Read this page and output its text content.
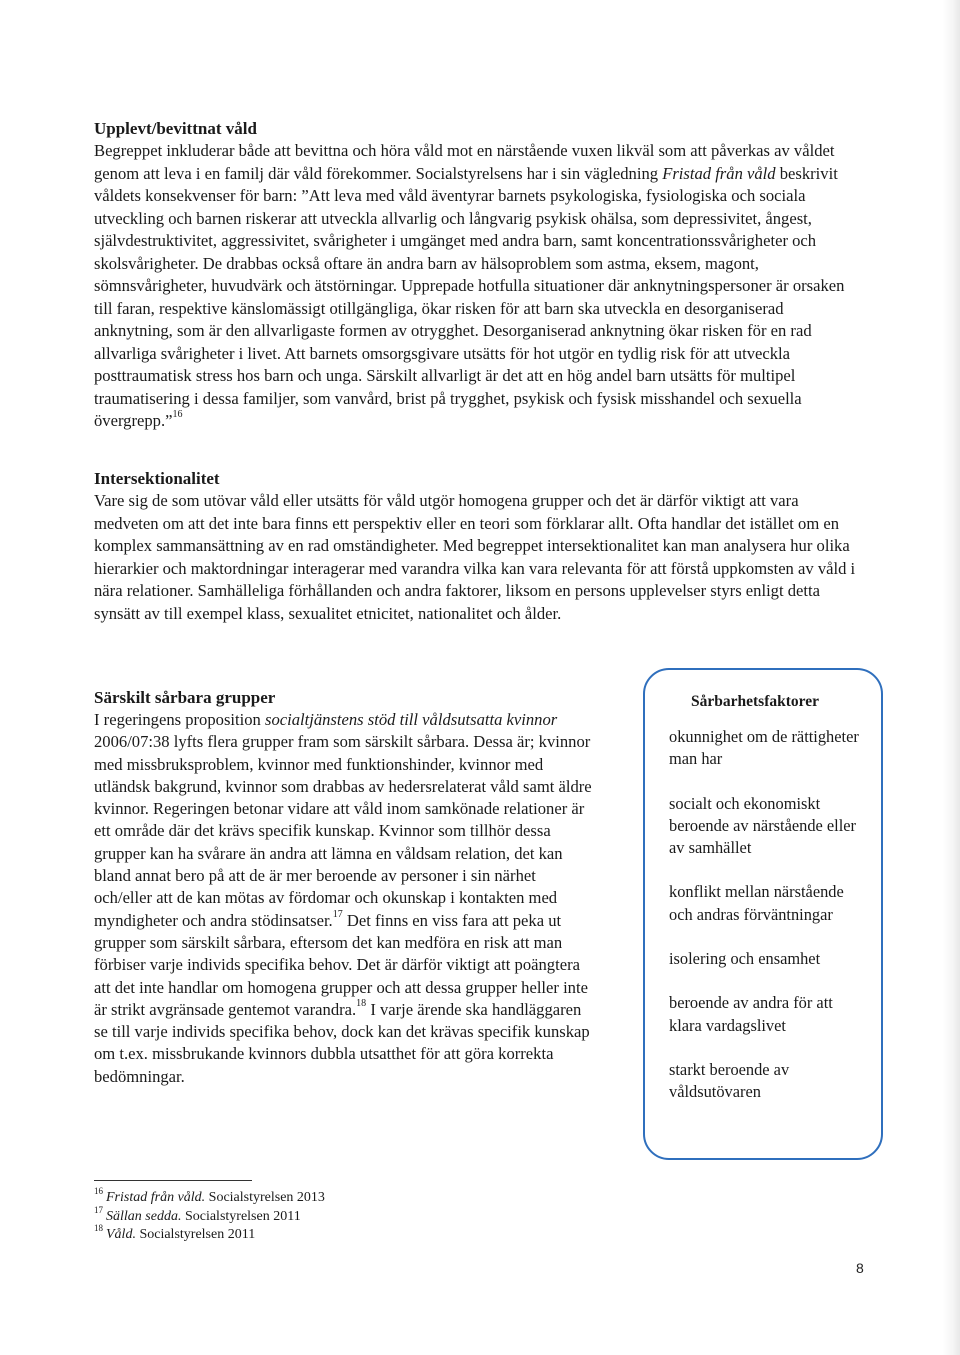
Upplevt/bevittnat våld

Begreppet inkluderar både att bevittna och höra våld mot en närstående vuxen likväl som att påverkas av våldet genom att leva i en familj där våld förekommer. Socialstyrelsens har i sin vägledning Fristad från våld beskrivit våldets konsekvenser för barn: ”Att leva med våld äventyrar barnets psykologiska, fysiologiska och sociala utveckling och barnen riskerar att utveckla allvarlig och långvarig psykisk ohälsa, som depressivitet, ångest, självdestruktivitet, aggressivitet, svårigheter i umgänget med andra barn, samt koncentrationssvårigheter och skolsvårigheter. De drabbas också oftare än andra barn av hälsoproblem som astma, eksem, magont, sömnsvårigheter, huvudvärk och ätstörningar. Upprepade hotfulla situationer där anknytningspersoner är orsaken till faran, respektive känslomässigt otillgängliga, ökar risken för att barn ska utveckla en desorganiserad anknytning, som är den allvarligaste formen av otrygghet. Desorganiserad anknytning ökar risken för en rad allvarliga svårigheter i livet. Att barnets omsorgsgivare utsätts för hot utgör en tydlig risk för att utveckla posttraumatisk stress hos barn och unga. Särskilt allvarligt är det att en hög andel barn utsätts för multipel traumatisering i dessa familjer, som vanvård, brist på trygghet, psykisk och fysisk misshandel och sexuella övergrepp.”$^{16}$

Intersektionalitet

Vare sig de som utövar våld eller utsätts för våld utgör homogena grupper och det är därför viktigt att vara medveten om att det inte bara finns ett perspektiv eller en teori som förklarar allt. Ofta handlar det istället om en komplex sammansättning av en rad omständigheter. Med begreppet intersektionalitet kan man analysera hur olika hierarkier och maktordningar interagerar med varandra vilka kan vara relevanta för att förstå uppkomsten av våld i nära relationer. Samhälleliga förhållanden och andra faktorer, liksom en persons upplevelser styrs enligt detta synsätt av till exempel klass, sexualitet etnicitet, nationalitet och ålder.

Särskilt sårbara grupper

I regeringens proposition socialtjänstens stöd till våldsutsatta kvinnor 2006/07:38 lyfts flera grupper fram som särskilt sårbara. Dessa är; kvinnor med missbruksproblem, kvinnor med funktionshinder, kvinnor med utländsk bakgrund, kvinnor som drabbas av hedersrelaterat våld samt äldre kvinnor. Regeringen betonar vidare att våld inom samkönade relationer är ett område där det krävs specifik kunskap. Kvinnor som tillhör dessa grupper kan ha svårare än andra att lämna en våldsam relation, det kan bland annat bero på att de är mer beroende av personer i sin närhet och/eller att de kan mötas av fördomar och okunskap i kontakten med myndigheter och andra stödinsatser.$^{17}$ Det finns en viss fara att peka ut grupper som särskilt sårbara, eftersom det kan medföra en risk att man förbiser varje individs specifika behov. Det är därför viktigt att poängtera att det inte handlar om homogena grupper och att dessa grupper heller inte är strikt avgränsade gentemot varandra.$^{18}$ I varje ärende ska handläggaren se till varje individs specifika behov, dock kan det krävas specifik kunskap om t.ex. missbrukande kvinnors dubbla utsatthet för att göra korrekta bedömningar.

Sårbarhetsfaktorer
okunnighet om de rättigheter man har
socialt och ekonomiskt beroende av närstående eller av samhället
konflikt mellan närstående och andras förväntningar
isolering och ensamhet
beroende av andra för att klara vardagslivet
starkt beroende av våldsutövaren
$^{16}$ Fristad från våld. Socialstyrelsen 2013
$^{17}$ Sällan sedda. Socialstyrelsen 2011
$^{18}$ Våld. Socialstyrelsen 2011
8
